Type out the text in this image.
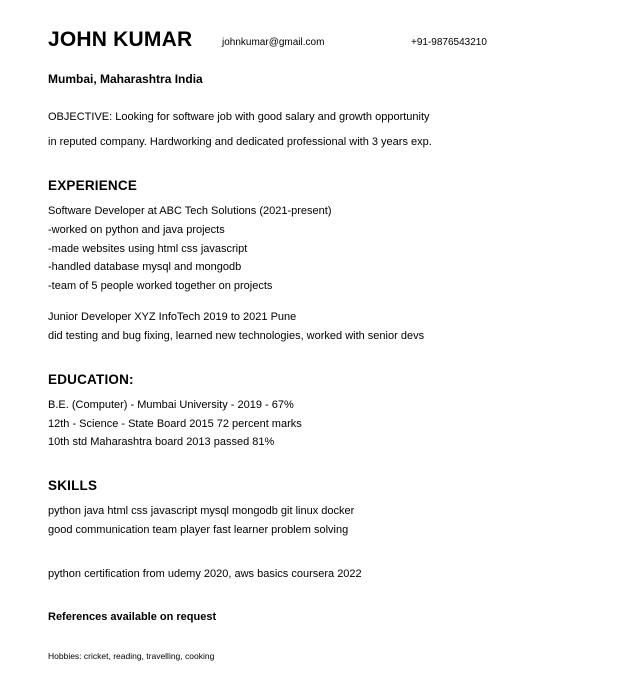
JOHN KUMAR	johnkumar@gmail.com	+91-9876543210
Mumbai, Maharashtra India
OBJECTIVE: Looking for software job with good salary and growth opportunity
in reputed company. Hardworking and dedicated professional with 3 years exp.
EXPERIENCE
Software Developer at ABC Tech Solutions (2021-present)
-worked on python and java projects
-made websites using html css javascript
-handled database mysql and mongodb
-team of 5 people worked together on projects
Junior Developer XYZ InfoTech 2019 to 2021 Pune
did testing and bug fixing, learned new technologies, worked with senior devs
EDUCATION:
B.E. (Computer) - Mumbai University - 2019 - 67%
12th - Science - State Board 2015 72 percent marks
10th std Maharashtra board 2013 passed 81%
SKILLS
python java html css javascript mysql mongodb git linux docker
good communication team player fast learner problem solving
python certification from udemy 2020, aws basics coursera 2022
References available on request
Hobbies: cricket, reading, travelling, cooking
